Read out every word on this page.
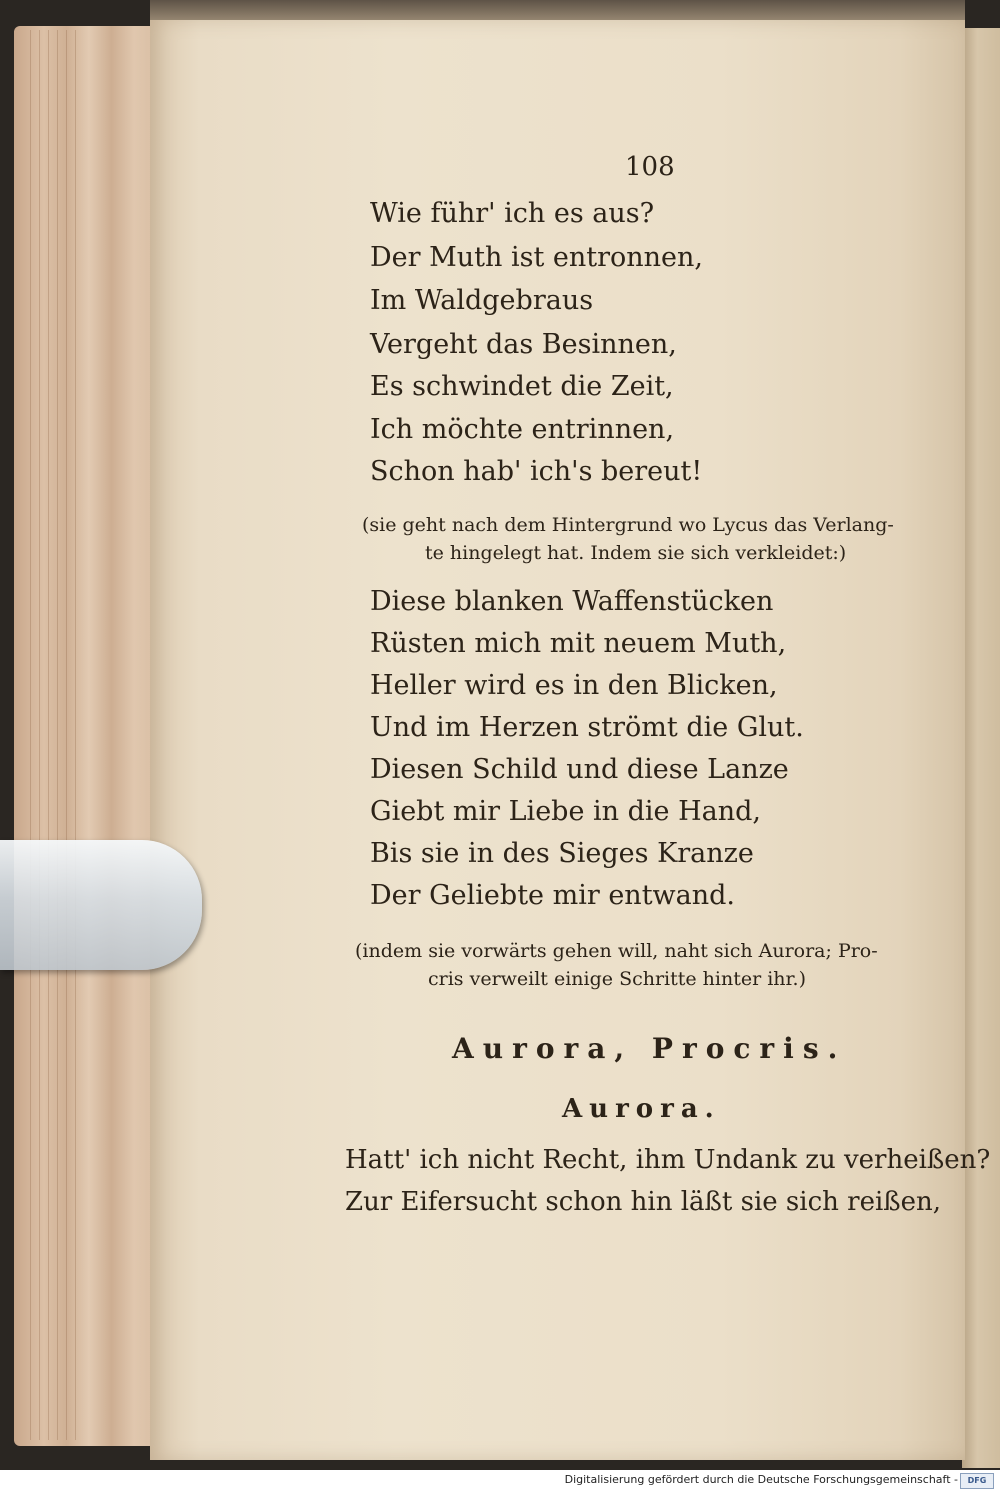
108
Wie führ' ich es aus?
Der Muth ist entronnen,
Im Waldgebraus
Vergeht das Besinnen,
Es schwindet die Zeit,
Ich möchte entrinnen,
Schon hab' ich's bereut!
(sie geht nach dem Hintergrund wo Lycus das Verlang-
te hingelegt hat. Indem sie sich verkleidet:)
Diese blanken Waffenstücken
Rüsten mich mit neuem Muth,
Heller wird es in den Blicken,
Und im Herzen strömt die Glut.
Diesen Schild und diese Lanze
Giebt mir Liebe in die Hand,
Bis sie in des Sieges Kranze
Der Geliebte mir entwand.
(indem sie vorwärts gehen will, naht sich Aurora; Pro-
cris verweilt einige Schritte hinter ihr.)
Aurora, Procris.
Aurora.
Hatt' ich nicht Recht, ihm Undank zu verheißen?
Zur Eifersucht schon hin läßt sie sich reißen,
Digitalisierung gefördert durch die Deutsche Forschungsgemeinschaft -	DFG
